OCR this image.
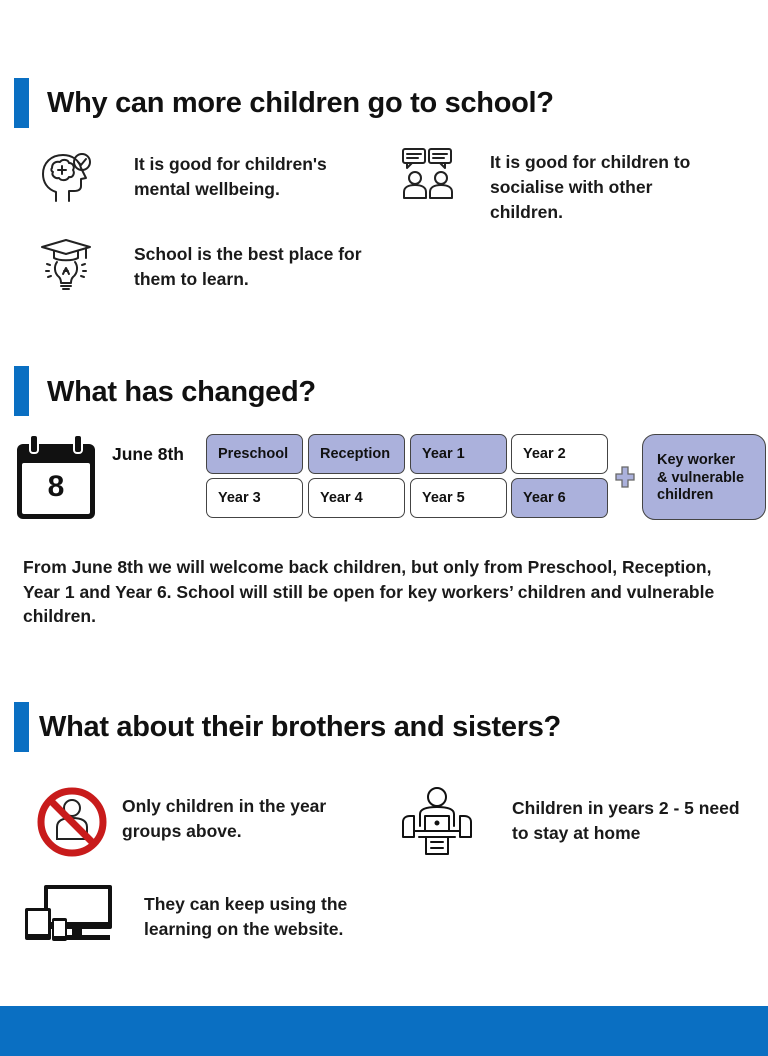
Why can more children go to school?
It is good for children's mental wellbeing.
It is good for children to socialise with other children.
School is the best place for them to learn.
What has changed?
8
June 8th	Preschool	Reception	Year 1	Year 2
Year 3	Year 4	Year 5	Year 6
Key worker
& vulnerable
children
From June 8th we will welcome back children, but only from Preschool, Reception, Year 1 and Year 6. School will still be open for key workers’ children and vulnerable children.
What about their brothers and sisters?
Only children in the year groups above.
Children in years 2 - 5 need to stay at home
They can keep using the learning on the website.
